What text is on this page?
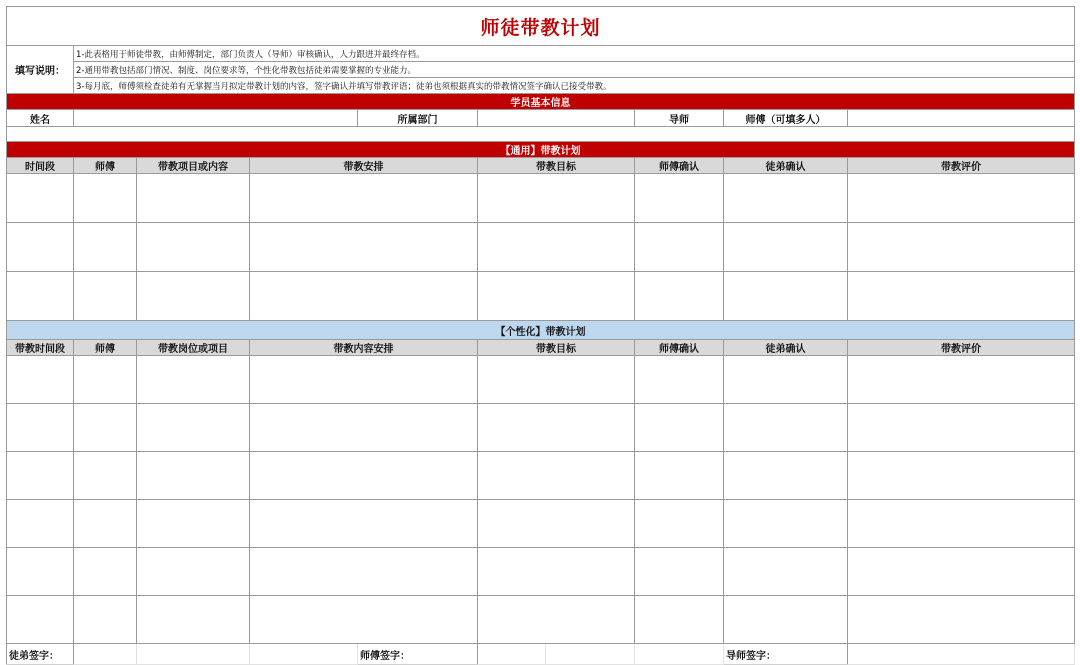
师徒带教计划									
填写说明：	1-此表格用于师徒带教，由师傅制定，部门负责人（导师）审核确认，人力跟进并最终存档。								
	2-通用带教包括部门情况、制度、岗位要求等，个性化带教包括徒弟需要掌握的专业能力。								
	3-每月底，师傅须检查徒弟有无掌握当月拟定带教计划的内容，签字确认并填写带教评语；徒弟也须根据真实的带教情况签字确认已接受带教。								
学员基本信息									
姓名				所属部门			导师	师傅（可填多人）	

【通用】带教计划									
时间段	师傅	带教项目或内容	带教安排		带教目标		师傅确认	徒弟确认	带教评价

【个性化】带教计划									
带教时间段	师傅	带教岗位或项目	带教内容安排		带教目标		师傅确认	徒弟确认	带教评价

徒弟签字：				师傅签字：				导师签字：	
